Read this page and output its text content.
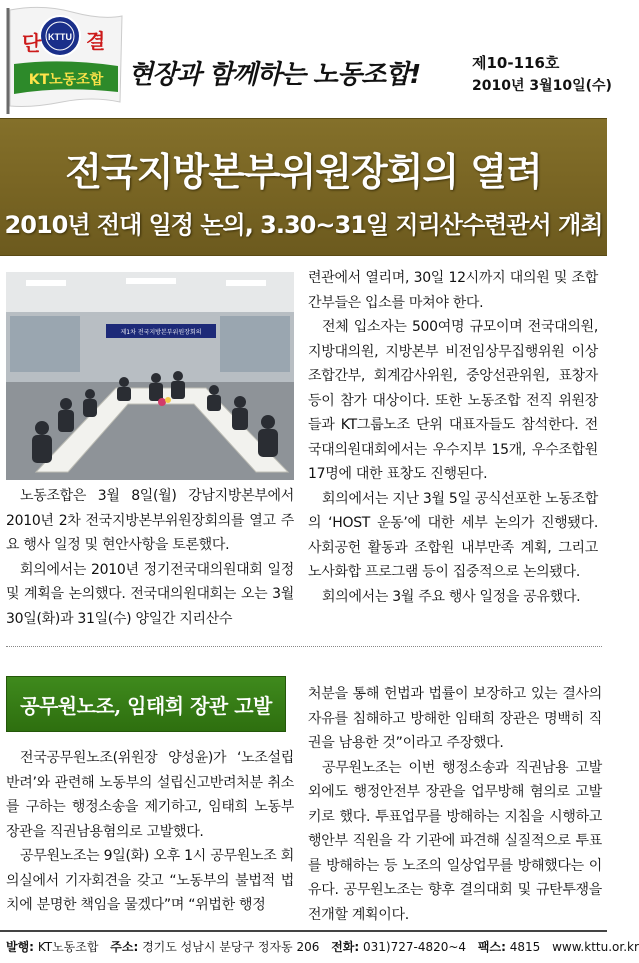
KTTU
단 결
KT노동조합 현장과 함께하는 노동조합!	제10-116호
2010년 3월10일(수)
전국지방본부위원장회의 열려
2010년 전대 일정 논의, 3.30~31일 지리산수련관서 개최
제1차 전국지방본부위원장회의

노동조합은 3월 8일(월) 강남지방본부에서 2010년 2차 전국지방본부위원장회의를 열고 주요 행사 일정 및 현안사항을 토론했다.

회의에서는 2010년 정기전국대의원대회 일정 및 계획을 논의했다. 전국대의원대회는 오는 3월 30일(화)과 31일(수) 양일간 지리산수

련관에서 열리며, 30일 12시까지 대의원 및 조합간부들은 입소를 마쳐야 한다.

전체 입소자는 500여명 규모이며 전국대의원, 지방대의원, 지방본부 비전임상무집행위원 이상 조합간부, 회계감사위원, 중앙선관위원, 표창자 등이 참가 대상이다. 또한 노동조합 전직 위원장들과 KT그룹노조 단위 대표자들도 참석한다. 전국대의원대회에서는 우수지부 15개, 우수조합원 17명에 대한 표창도 진행된다.

회의에서는 지난 3월 5일 공식선포한 노동조합의 ‘HOST 운동’에 대한 세부 논의가 진행됐다. 사회공헌 활동과 조합원 내부만족 계획, 그리고 노사화합 프로그램 등이 집중적으로 논의됐다.

회의에서는 3월 주요 행사 일정을 공유했다.

공무원노조, 임태희 장관 고발

전국공무원노조(위원장 양성윤)가 ‘노조설립반려’와 관련해 노동부의 설립신고반려처분 취소를 구하는 행정소송을 제기하고, 임태희 노동부장관을 직권남용혐의로 고발했다.

공무원노조는 9일(화) 오후 1시 공무원노조 회의실에서 기자회견을 갖고 “노동부의 불법적 법치에 분명한 책임을 물겠다”며 “위법한 행정

처분을 통해 헌법과 법률이 보장하고 있는 결사의 자유를 침해하고 방해한 임태희 장관은 명백히 직권을 남용한 것”이라고 주장했다.

공무원노조는 이번 행정소송과 직권남용 고발외에도 행정안전부 장관을 업무방해 혐의로 고발키로 했다. 투표업무를 방해하는 지침을 시행하고 행안부 직원을 각 기관에 파견해 실질적으로 투표를 방해하는 등 노조의 일상업무를 방해했다는 이유다. 공무원노조는 향후 결의대회 및 규탄투쟁을 전개할 계획이다.

발행: KT노동조합 주소: 경기도 성남시 분당구 정자동 206 전화: 031)727-4820~4 팩스: 4815 www.kttu.or.kr
